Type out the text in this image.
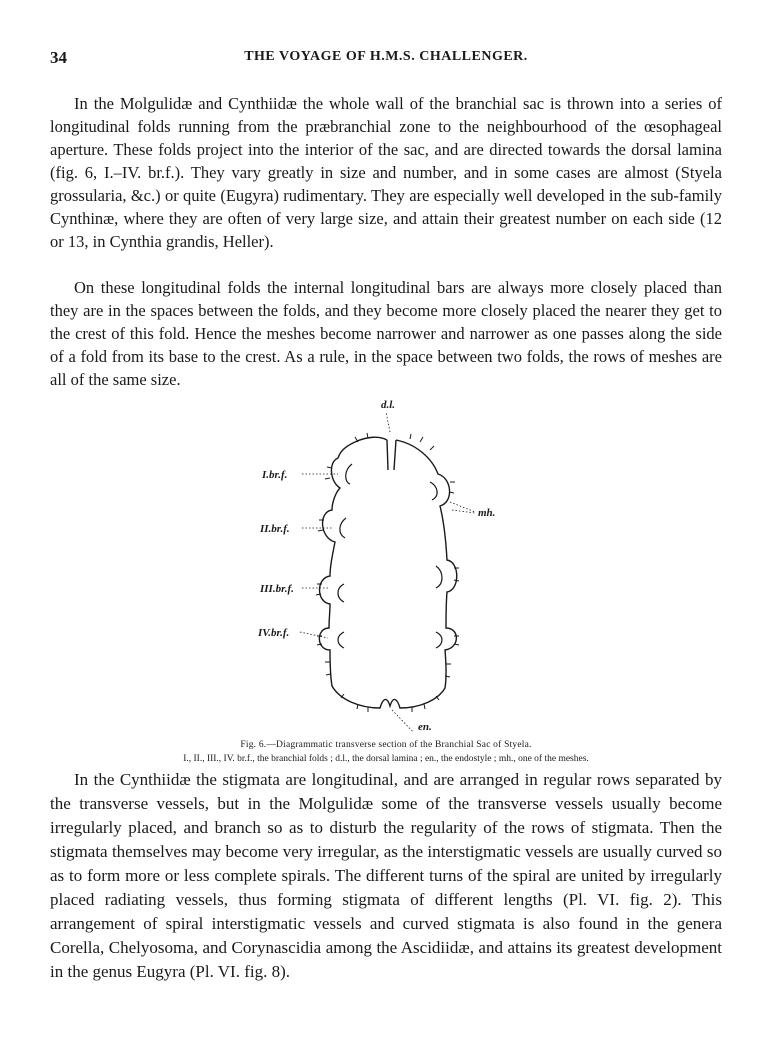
34	THE VOYAGE OF H.M.S. CHALLENGER.

In the Molgulidæ and Cynthiidæ the whole wall of the branchial sac is thrown into a series of longitudinal folds running from the præbranchial zone to the neighbourhood of the œsophageal aperture. These folds project into the interior of the sac, and are directed towards the dorsal lamina (fig. 6, I.–IV. br.f.). They vary greatly in size and number, and in some cases are almost (Styela grossularia, &c.) or quite (Eugyra) rudimentary. They are especially well developed in the sub-family Cynthinæ, where they are often of very large size, and attain their greatest number on each side (12 or 13, in Cynthia grandis, Heller).

On these longitudinal folds the internal longitudinal bars are always more closely placed than they are in the spaces between the folds, and they become more closely placed the nearer they get to the crest of this fold. Hence the meshes become narrower and narrower as one passes along the side of a fold from its base to the crest. As a rule, in the space between two folds, the rows of meshes are all of the same size.

d.l.
I.br.f.
II.br.f.
III.br.f.
IV.br.f.
mh.
en.

Fig. 6.—Diagrammatic transverse section of the Branchial Sac of Styela.

I., II., III., IV. br.f., the branchial folds ; d.l., the dorsal lamina ; en., the endostyle ; mh., one of the meshes.

In the Cynthiidæ the stigmata are longitudinal, and are arranged in regular rows separated by the transverse vessels, but in the Molgulidæ some of the transverse vessels usually become irregularly placed, and branch so as to disturb the regularity of the rows of stigmata. Then the stigmata themselves may become very irregular, as the interstigmatic vessels are usually curved so as to form more or less complete spirals. The different turns of the spiral are united by irregularly placed radiating vessels, thus forming stigmata of different lengths (Pl. VI. fig. 2). This arrangement of spiral interstigmatic vessels and curved stigmata is also found in the genera Corella, Chelyosoma, and Corynascidia among the Ascidiidæ, and attains its greatest development in the genus Eugyra (Pl. VI. fig. 8).
